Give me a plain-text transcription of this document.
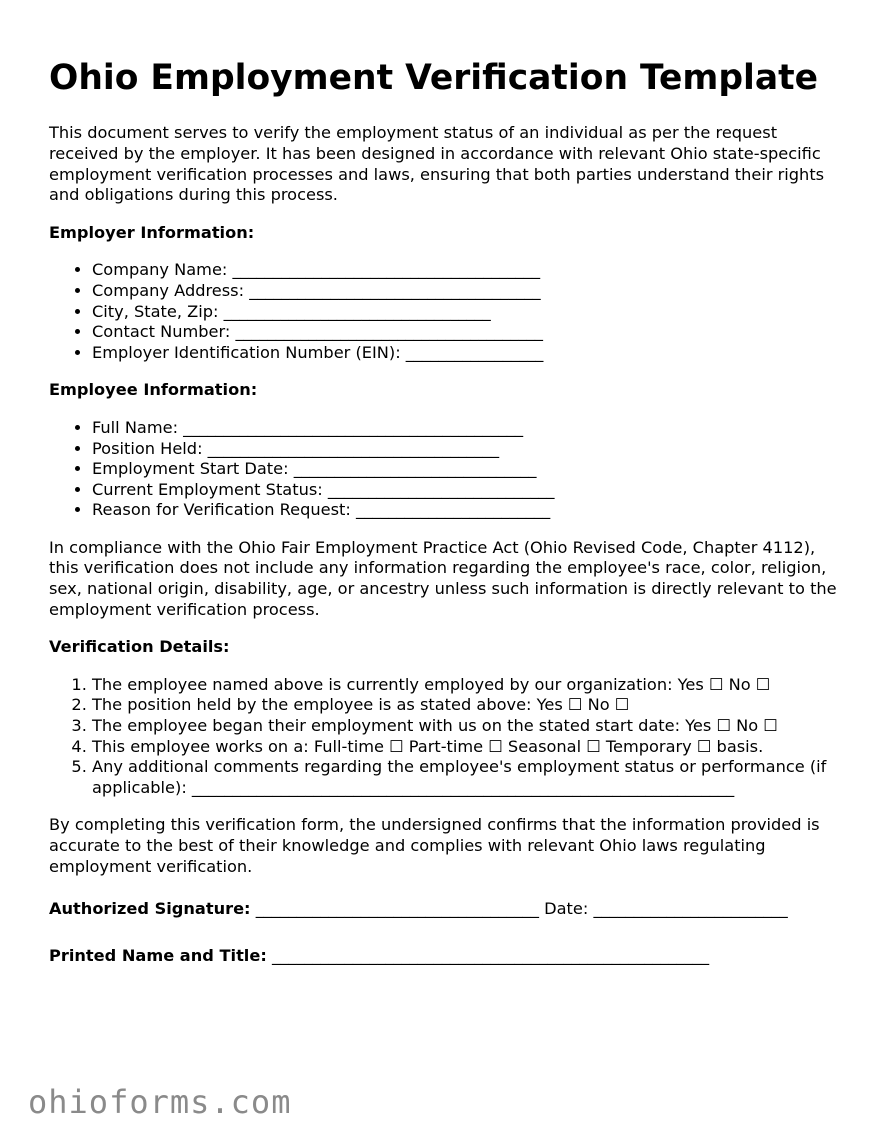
Ohio Employment Verification Template

This document serves to verify the employment status of an individual as per the request received by the employer. It has been designed in accordance with relevant Ohio state-specific employment verification processes and laws, ensuring that both parties understand their rights and obligations during this process.

Employer Information:
• Company Name: ______________________________________
• Company Address: ____________________________________
• City, State, Zip: _________________________________
• Contact Number: ______________________________________
• Employer Identification Number (EIN): _________________
Employee Information:
• Full Name: __________________________________________
• Position Held: ____________________________________
• Employment Start Date: ______________________________
• Current Employment Status: ____________________________
• Reason for Verification Request: ________________________

In compliance with the Ohio Fair Employment Practice Act (Ohio Revised Code, Chapter 4112), this verification does not include any information regarding the employee's race, color, religion, sex, national origin, disability, age, or ancestry unless such information is directly relevant to the employment verification process.

Verification Details:
1. The employee named above is currently employed by our organization: Yes ☐ No ☐
2. The position held by the employee is as stated above: Yes ☐ No ☐
3. The employee began their employment with us on the stated start date: Yes ☐ No ☐
4. This employee works on a: Full-time ☐ Part-time ☐ Seasonal ☐ Temporary ☐ basis.
5. Any additional comments regarding the employee's employment status or performance (if applicable): ___________________________________________________________________

By completing this verification form, the undersigned confirms that the information provided is accurate to the best of their knowledge and complies with relevant Ohio laws regulating employment verification.

Authorized Signature: ___________________________________ Date: ________________________
Printed Name and Title: ______________________________________________________
ohioforms.com
